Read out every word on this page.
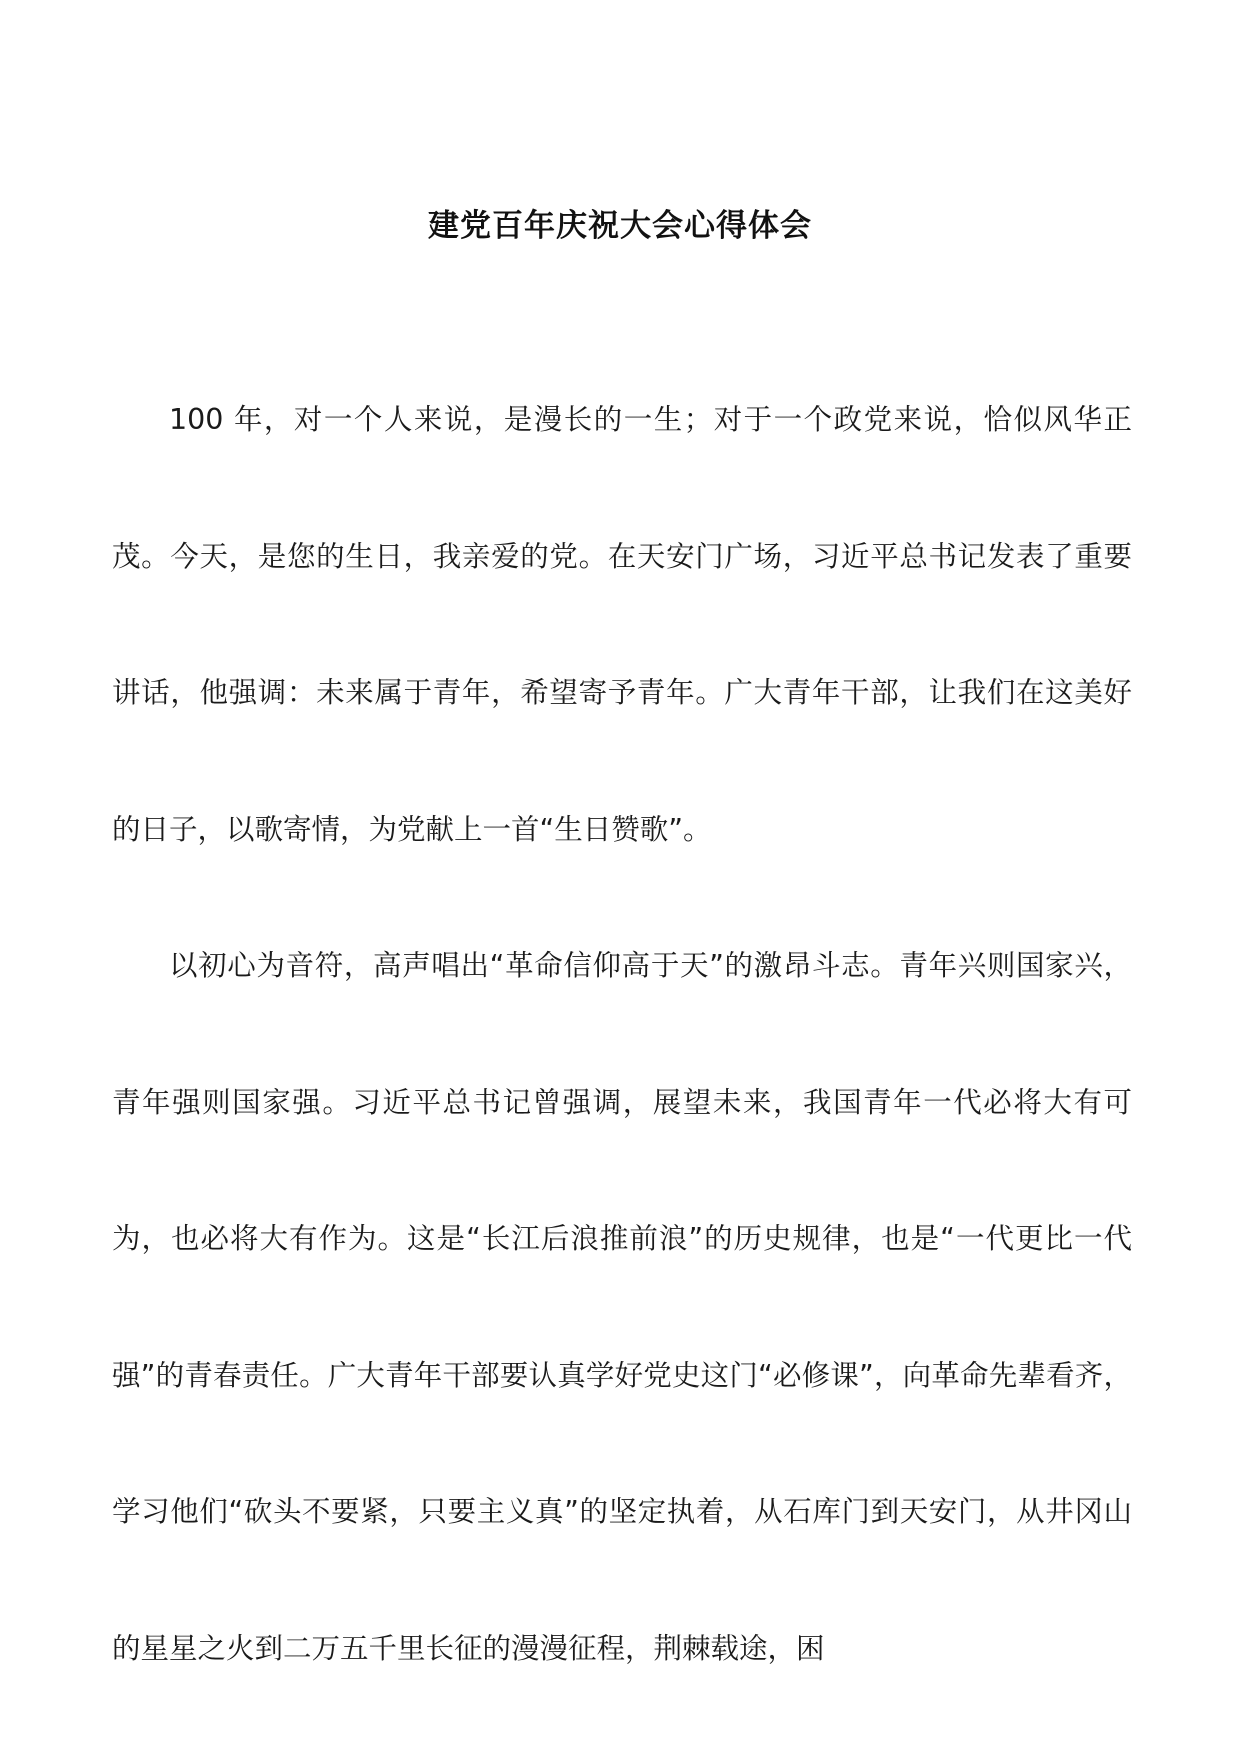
建党百年庆祝大会心得体会

100 年，对一个人来说，是漫长的一生；对于一个政党来说，恰似风华正茂。今天，是您的生日，我亲爱的党。在天安门广场，习近平总书记发表了重要讲话，他强调：未来属于青年，希望寄予青年。广大青年干部，让我们在这美好的日子，以歌寄情，为党献上一首“生日赞歌”。

以初心为音符，高声唱出“革命信仰高于天”的激昂斗志。青年兴则国家兴，青年强则国家强。习近平总书记曾强调，展望未来，我国青年一代必将大有可为，也必将大有作为。这是“长江后浪推前浪”的历史规律，也是“一代更比一代强”的青春责任。广大青年干部要认真学好党史这门“必修课”，向革命先辈看齐，学习他们“砍头不要紧，只要主义真”的坚定执着，从石库门到天安门，从井冈山的星星之火到二万五千里长征的漫漫征程，荆棘载途，困
